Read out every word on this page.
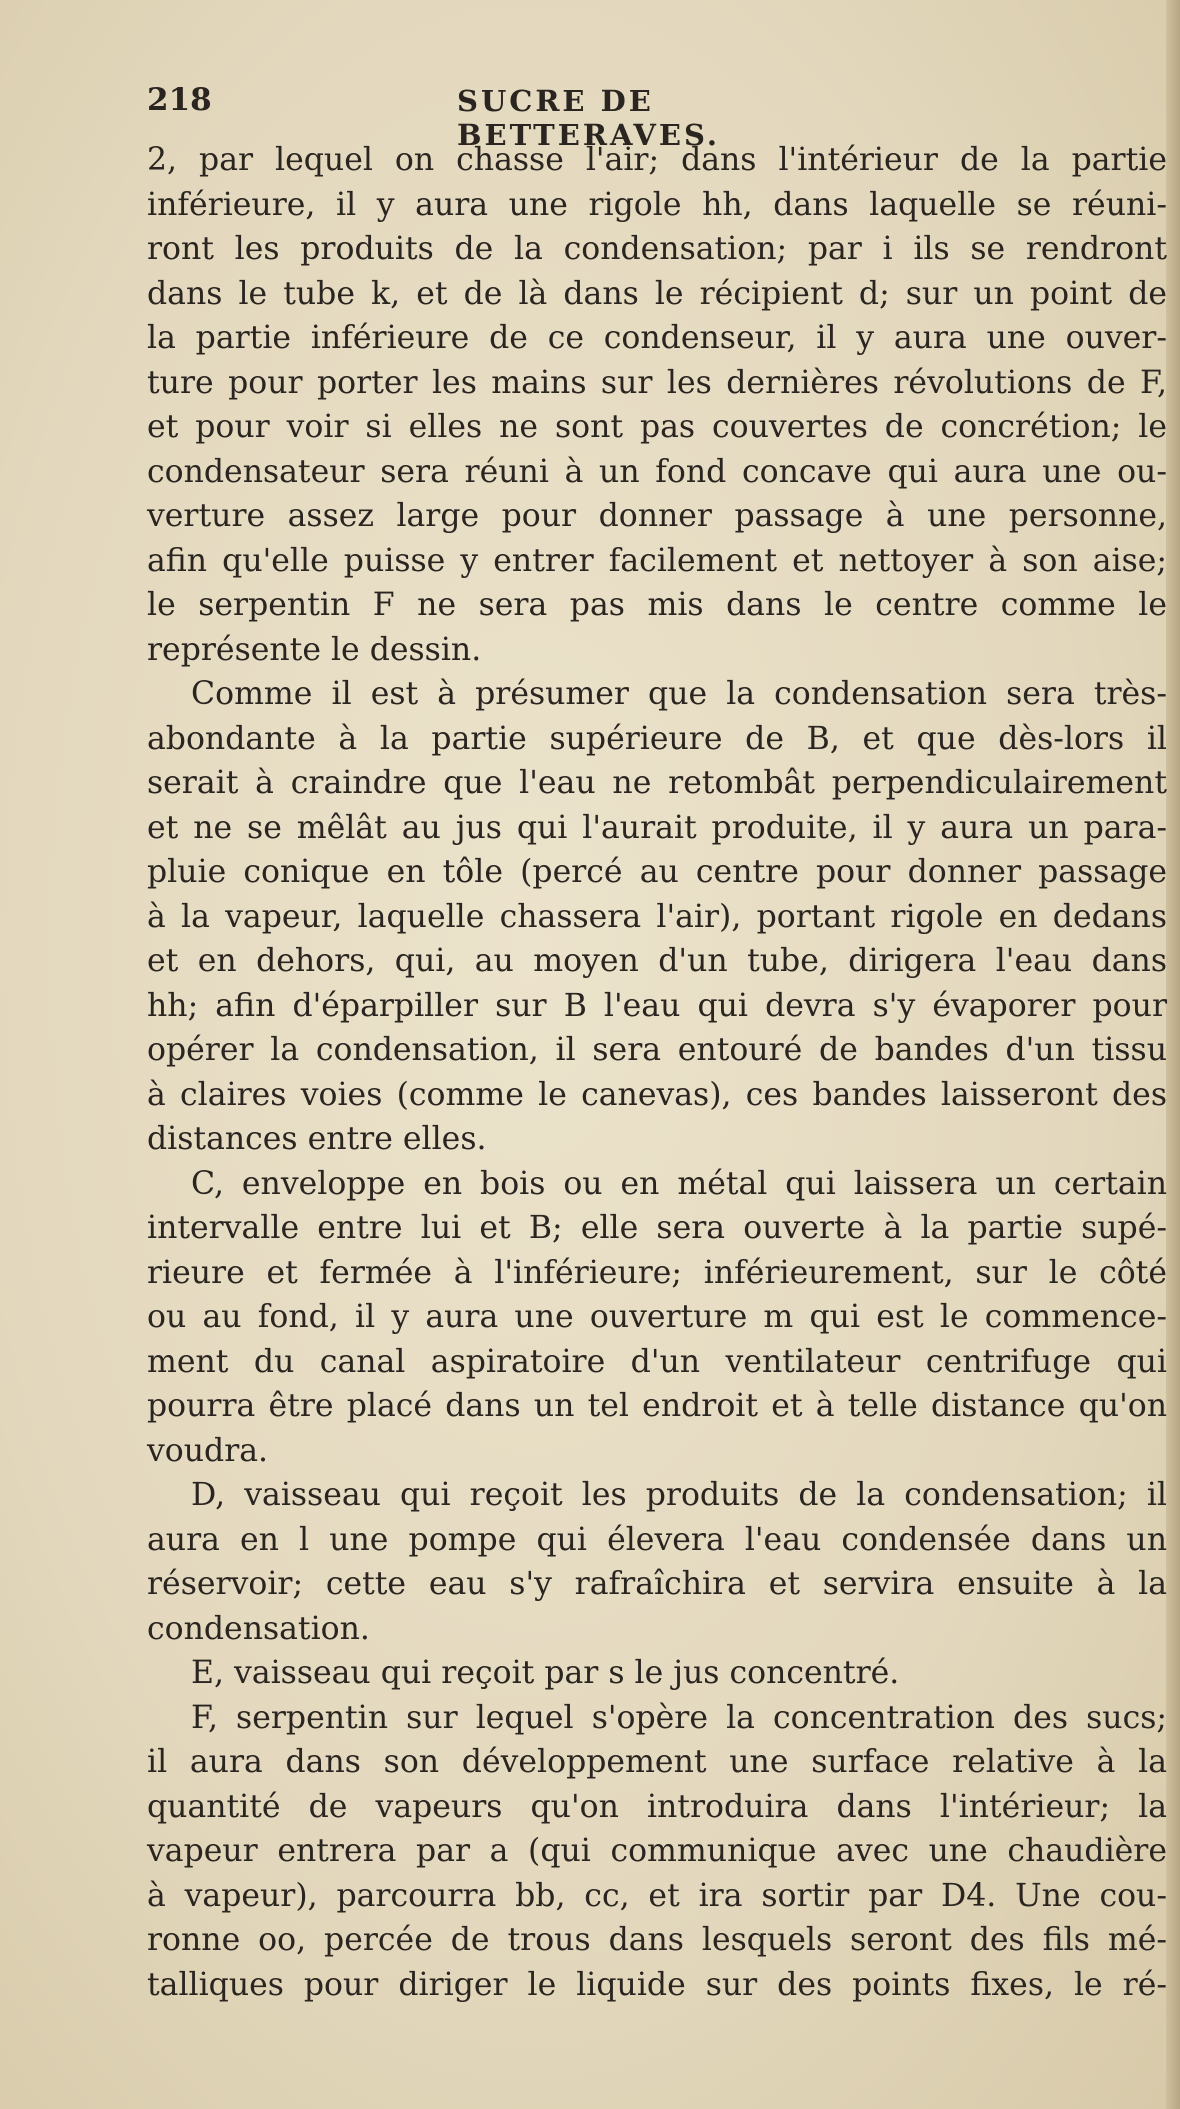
218	SUCRE DE BETTERAVES.
2, par lequel on chasse l'air; dans l'intérieur de la partie
inférieure, il y aura une rigole hh, dans laquelle se réuni-
ront les produits de la condensation; par i ils se rendront
dans le tube k, et de là dans le récipient d; sur un point de
la partie inférieure de ce condenseur, il y aura une ouver-
ture pour porter les mains sur les dernières révolutions de F,
et pour voir si elles ne sont pas couvertes de concrétion; le
condensateur sera réuni à un fond concave qui aura une ou-
verture assez large pour donner passage à une personne,
afin qu'elle puisse y entrer facilement et nettoyer à son aise;
le serpentin F ne sera pas mis dans le centre comme le
représente le dessin.
Comme il est à présumer que la condensation sera très-
abondante à la partie supérieure de B, et que dès-lors il
serait à craindre que l'eau ne retombât perpendiculairement
et ne se mêlât au jus qui l'aurait produite, il y aura un para-
pluie conique en tôle (percé au centre pour donner passage
à la vapeur, laquelle chassera l'air), portant rigole en dedans
et en dehors, qui, au moyen d'un tube, dirigera l'eau dans
hh; afin d'éparpiller sur B l'eau qui devra s'y évaporer pour
opérer la condensation, il sera entouré de bandes d'un tissu
à claires voies (comme le canevas), ces bandes laisseront des
distances entre elles.
C, enveloppe en bois ou en métal qui laissera un certain
intervalle entre lui et B; elle sera ouverte à la partie supé-
rieure et fermée à l'inférieure; inférieurement, sur le côté
ou au fond, il y aura une ouverture m qui est le commence-
ment du canal aspiratoire d'un ventilateur centrifuge qui
pourra être placé dans un tel endroit et à telle distance qu'on
voudra.
D, vaisseau qui reçoit les produits de la condensation; il
aura en l une pompe qui élevera l'eau condensée dans un
réservoir; cette eau s'y rafraîchira et servira ensuite à la
condensation.
E, vaisseau qui reçoit par s le jus concentré.
F, serpentin sur lequel s'opère la concentration des sucs;
il aura dans son développement une surface relative à la
quantité de vapeurs qu'on introduira dans l'intérieur; la
vapeur entrera par a (qui communique avec une chaudière
à vapeur), parcourra bb, cc, et ira sortir par D4. Une cou-
ronne oo, percée de trous dans lesquels seront des fils mé-
talliques pour diriger le liquide sur des points fixes, le ré-
